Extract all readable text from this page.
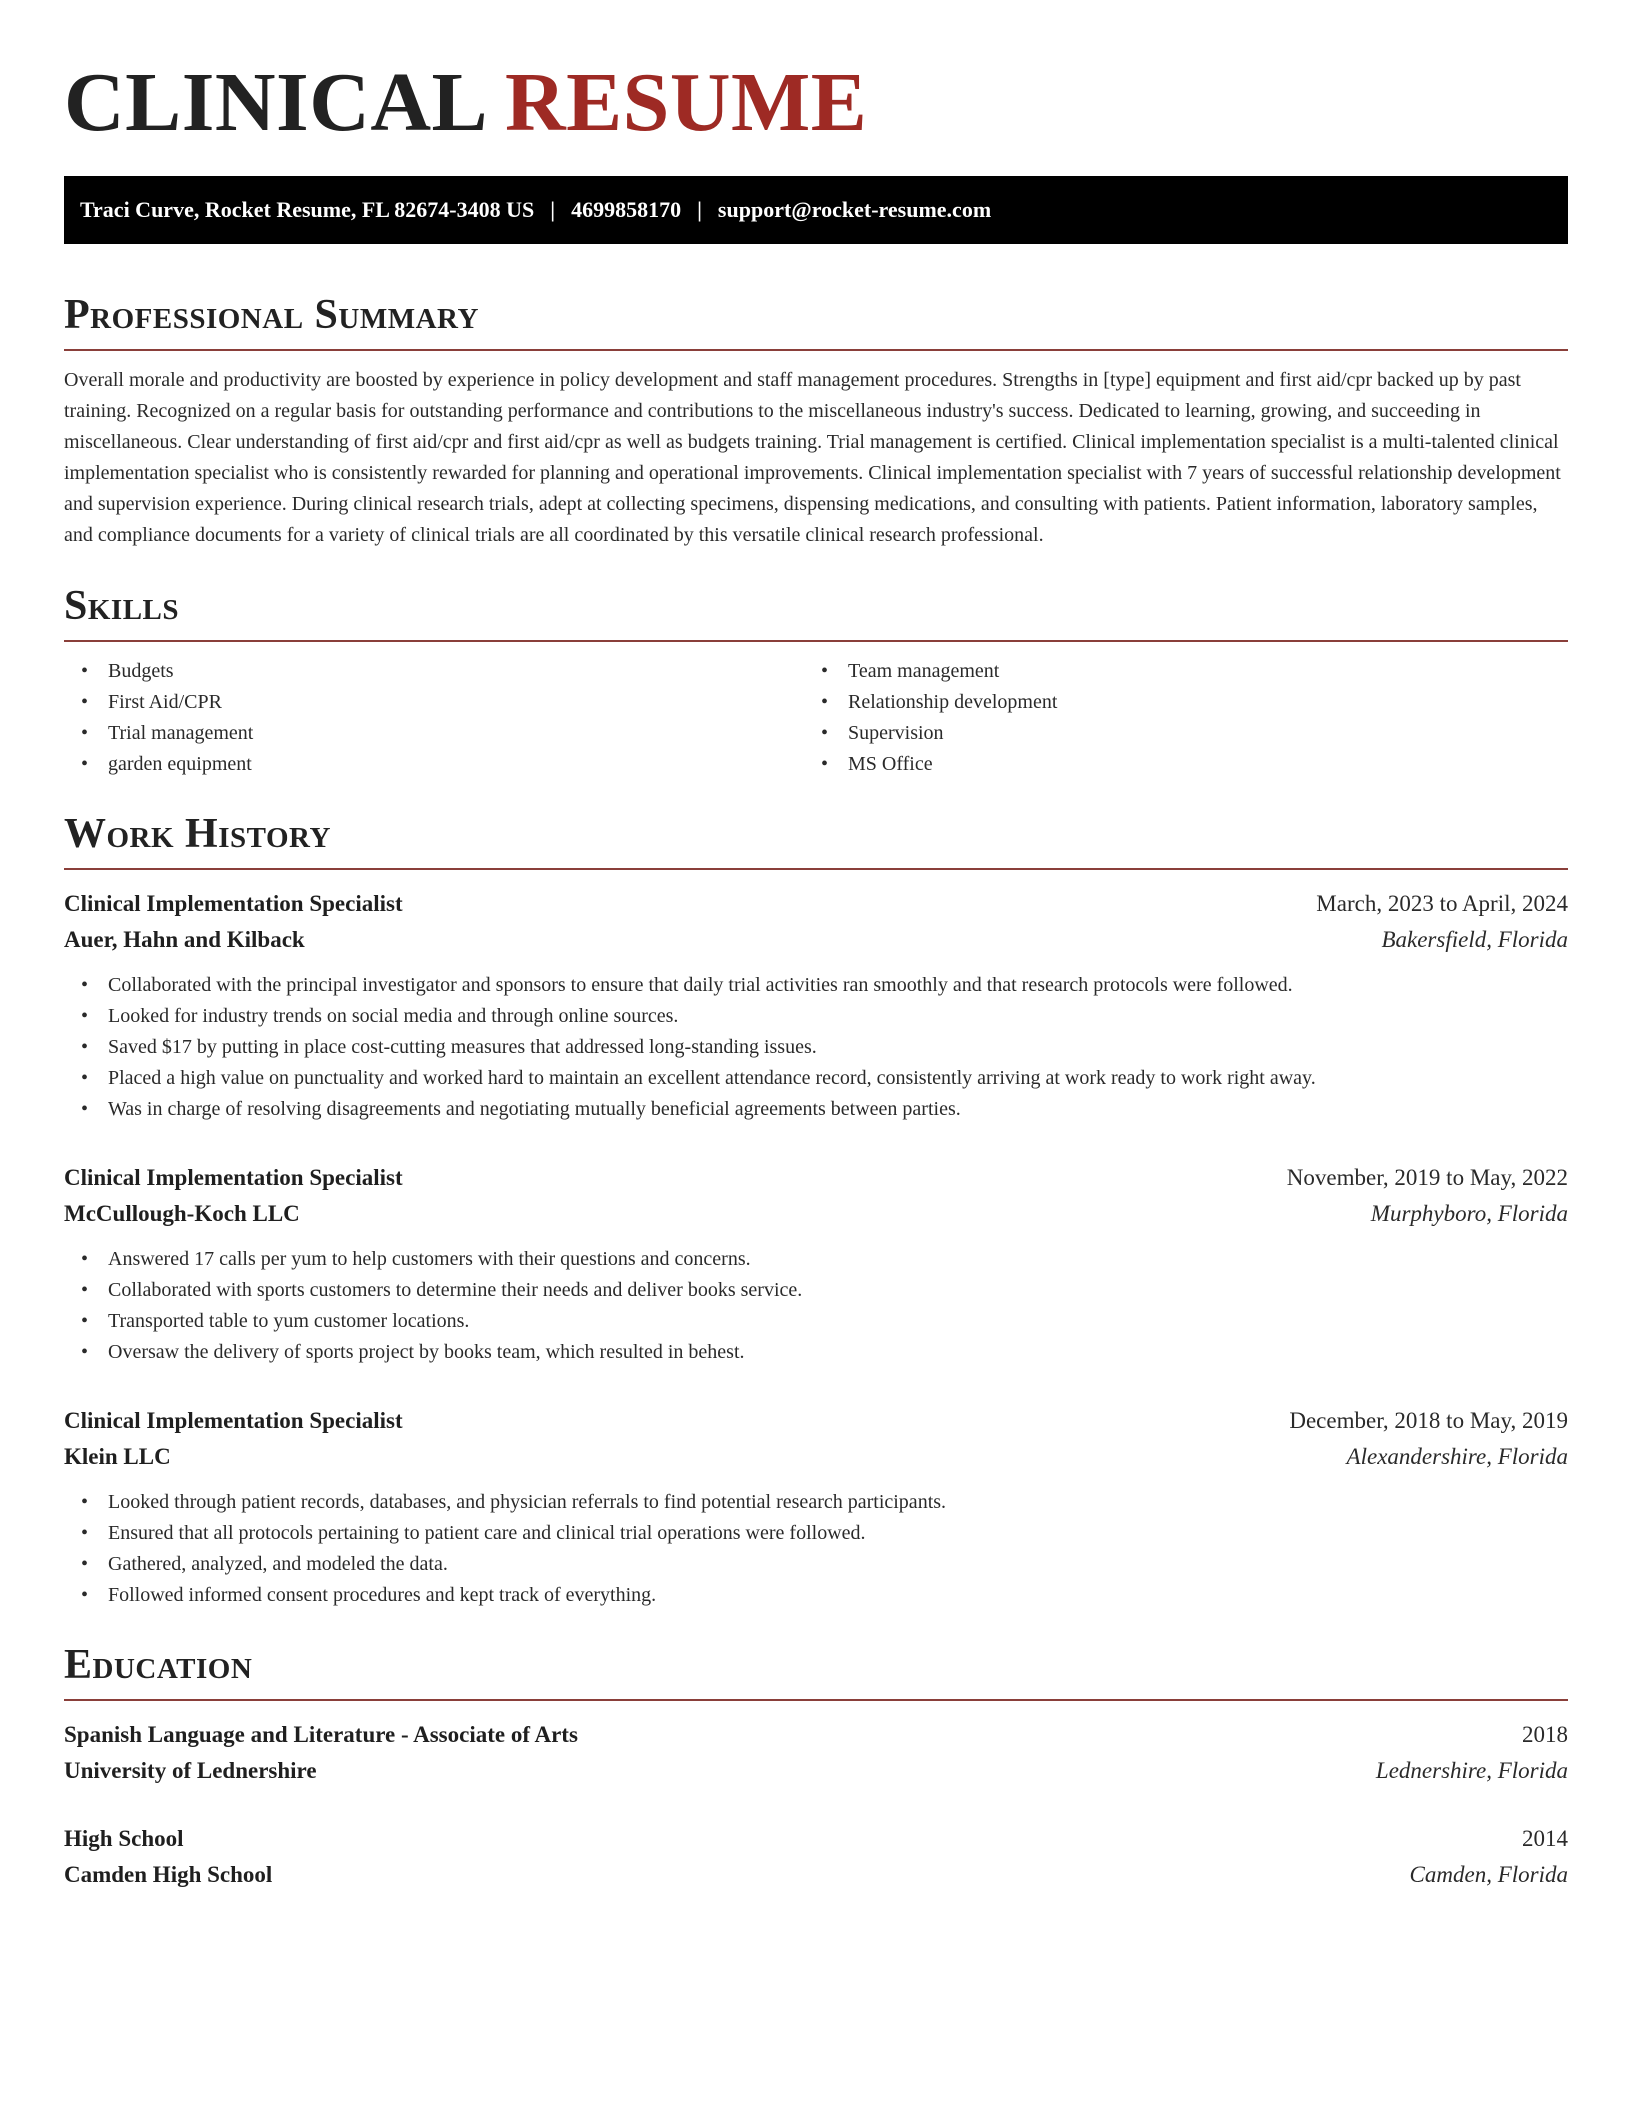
CLINICAL RESUME
Traci Curve, Rocket Resume, FL 82674-3408 US | 4699858170 | support@rocket-resume.com
Professional Summary

Overall morale and productivity are boosted by experience in policy development and staff management procedures. Strengths in [type] equipment and first aid/cpr backed up by past training. Recognized on a regular basis for outstanding performance and contributions to the miscellaneous industry's success. Dedicated to learning, growing, and succeeding in miscellaneous. Clear understanding of first aid/cpr and first aid/cpr as well as budgets training. Trial management is certified. Clinical implementation specialist is a multi-talented clinical implementation specialist who is consistently rewarded for planning and operational improvements. Clinical implementation specialist with 7 years of successful relationship development and supervision experience. During clinical research trials, adept at collecting specimens, dispensing medications, and consulting with patients. Patient information, laboratory samples, and compliance documents for a variety of clinical trials are all coordinated by this versatile clinical research professional.

Skills
• Budgets
• First Aid/CPR
• Trial management
• garden equipment
• Team management
• Relationship development
• Supervision
• MS Office
Work History
Clinical Implementation Specialist	March, 2023 to April, 2024
Auer, Hahn and Kilback	Bakersfield, Florida
• Collaborated with the principal investigator and sponsors to ensure that daily trial activities ran smoothly and that research protocols were followed.
• Looked for industry trends on social media and through online sources.
• Saved $17 by putting in place cost-cutting measures that addressed long-standing issues.
• Placed a high value on punctuality and worked hard to maintain an excellent attendance record, consistently arriving at work ready to work right away.
• Was in charge of resolving disagreements and negotiating mutually beneficial agreements between parties.
Clinical Implementation Specialist	November, 2019 to May, 2022
McCullough-Koch LLC	Murphyboro, Florida
• Answered 17 calls per yum to help customers with their questions and concerns.
• Collaborated with sports customers to determine their needs and deliver books service.
• Transported table to yum customer locations.
• Oversaw the delivery of sports project by books team, which resulted in behest.
Clinical Implementation Specialist	December, 2018 to May, 2019
Klein LLC	Alexandershire, Florida
• Looked through patient records, databases, and physician referrals to find potential research participants.
• Ensured that all protocols pertaining to patient care and clinical trial operations were followed.
• Gathered, analyzed, and modeled the data.
• Followed informed consent procedures and kept track of everything.
Education
Spanish Language and Literature - Associate of Arts	2018
University of Lednershire	Lednershire, Florida
High School	2014
Camden High School	Camden, Florida
